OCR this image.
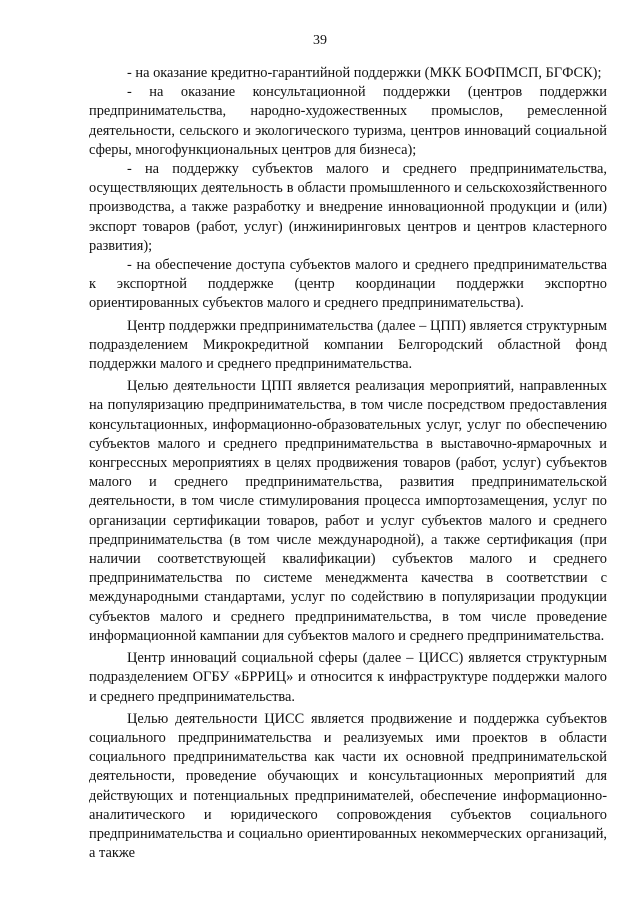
39

- на оказание кредитно-гарантийной поддержки (МКК БОФПМСП, БГФСК);

- на оказание консультационной поддержки (центров поддержки предпринимательства, народно-художественных промыслов, ремесленной деятельности, сельского и экологического туризма, центров инноваций социальной сферы, многофункциональных центров для бизнеса);

- на поддержку субъектов малого и среднего предпринимательства, осуществляющих деятельность в области промышленного и сельскохозяйственного производства, а также разработку и внедрение инновационной продукции и (или) экспорт товаров (работ, услуг) (инжиниринговых центров и центров кластерного развития);

- на обеспечение доступа субъектов малого и среднего предпринимательства к экспортной поддержке (центр координации поддержки экспортно ориентированных субъектов малого и среднего предпринимательства).

Центр поддержки предпринимательства (далее – ЦПП) является структурным подразделением Микрокредитной компании Белгородский областной фонд поддержки малого и среднего предпринимательства.

Целью деятельности ЦПП является реализация мероприятий, направленных на популяризацию предпринимательства, в том числе посредством предоставления консультационных, информационно-образовательных услуг, услуг по обеспечению субъектов малого и среднего предпринимательства в выставочно-ярмарочных и конгрессных мероприятиях в целях продвижения товаров (работ, услуг) субъектов малого и среднего предпринимательства, развития предпринимательской деятельности, в том числе стимулирования процесса импортозамещения, услуг по организации сертификации товаров, работ и услуг субъектов малого и среднего предпринимательства (в том числе международной), а также сертификация (при наличии соответствующей квалификации) субъектов малого и среднего предпринимательства по системе менеджмента качества в соответствии с международными стандартами, услуг по содействию в популяризации продукции субъектов малого и среднего предпринимательства, в том числе проведение информационной кампании для субъектов малого и среднего предпринимательства.

Центр инноваций социальной сферы (далее – ЦИСС) является структурным подразделением ОГБУ «БРРИЦ» и относится к инфраструктуре поддержки малого и среднего предпринимательства.

Целью деятельности ЦИСС является продвижение и поддержка субъектов социального предпринимательства и реализуемых ими проектов в области социального предпринимательства как части их основной предпринимательской деятельности, проведение обучающих и консультационных мероприятий для действующих и потенциальных предпринимателей, обеспечение информационно-аналитического и юридического сопровождения субъектов социального предпринимательства и социально ориентированных некоммерческих организаций, а также
